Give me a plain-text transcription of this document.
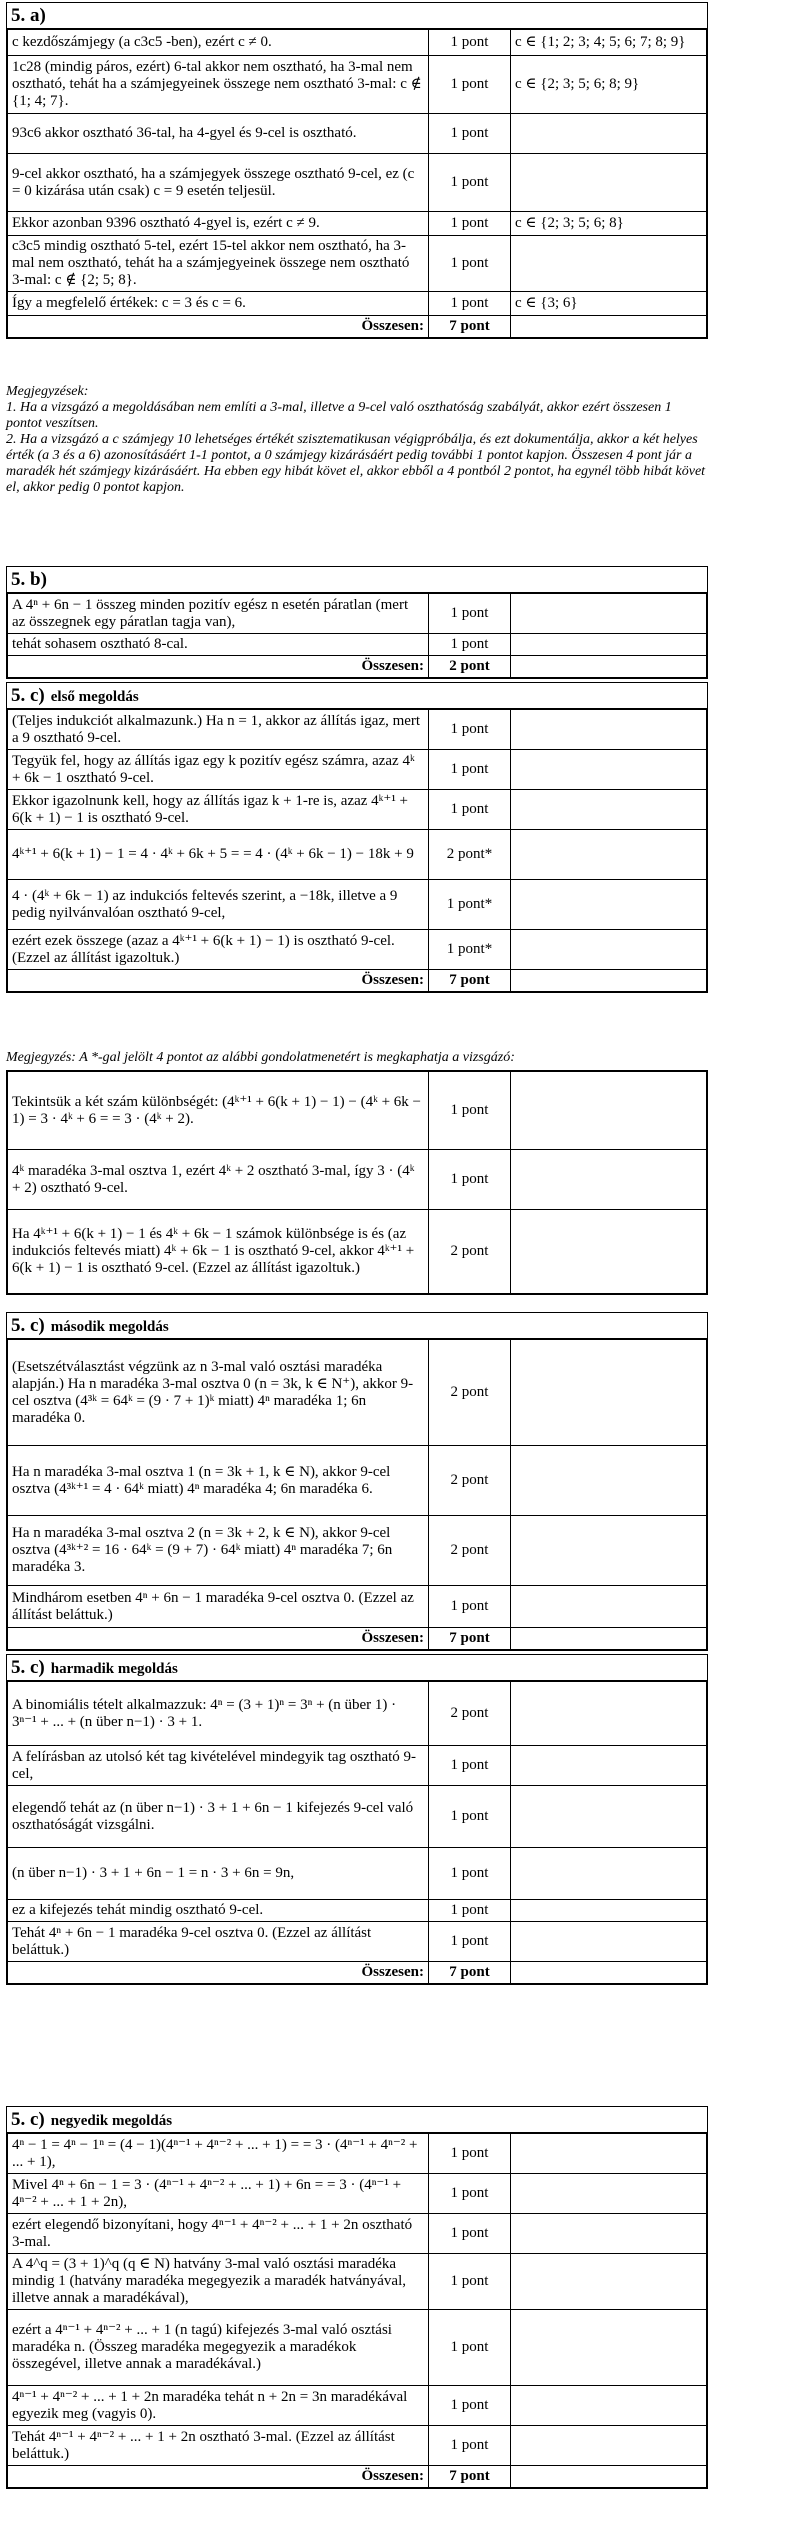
5. a)
c kezdőszámjegy (a c3c5 -ben), ezért c ≠ 0.	1 pont	c ∈ {1; 2; 3; 4; 5; 6; 7; 8; 9}
1c28 (mindig páros, ezért) 6-tal akkor nem osztható, ha 3-mal nem osztható, tehát ha a számjegyeinek összege nem osztható 3-mal: c ∉ {1; 4; 7}.	1 pont	c ∈ {2; 3; 5; 6; 8; 9}
93c6 akkor osztható 36-tal, ha 4-gyel és 9-cel is osztható.	1 pont	
9-cel akkor osztható, ha a számjegyek összege osztható 9-cel, ez (c = 0 kizárása után csak) c = 9 esetén teljesül.	1 pont	
Ekkor azonban 9396 osztható 4-gyel is, ezért c ≠ 9.	1 pont	c ∈ {2; 3; 5; 6; 8}
c3c5 mindig osztható 5-tel, ezért 15-tel akkor nem osztható, ha 3-mal nem osztható, tehát ha a számjegyeinek összege nem osztható 3-mal: c ∉ {2; 5; 8}.	1 pont	
Így a megfelelő értékek: c = 3 és c = 6.	1 pont	c ∈ {3; 6}
Összesen:	7 pont	
Megjegyzések:
1. Ha a vizsgázó a megoldásában nem említi a 3-mal, illetve a 9-cel való oszthatóság szabályát, akkor ezért összesen 1 pontot veszítsen.
2. Ha a vizsgázó a c számjegy 10 lehetséges értékét szisztematikusan végigpróbálja, és ezt dokumentálja, akkor a két helyes érték (a 3 és a 6) azonosításáért 1-1 pontot, a 0 számjegy kizárásáért pedig további 1 pontot kapjon. Összesen 4 pont jár a maradék hét számjegy kizárásáért. Ha ebben egy hibát követ el, akkor ebből a 4 pontból 2 pontot, ha egynél több hibát követ el, akkor pedig 0 pontot kapjon.
5. b)
A 4ⁿ + 6n − 1 összeg minden pozitív egész n esetén páratlan (mert az összegnek egy páratlan tagja van),	1 pont	
tehát sohasem osztható 8-cal.	1 pont	
Összesen:	2 pont	
5. c) első megoldás
(Teljes indukciót alkalmazunk.) Ha n = 1, akkor az állítás igaz, mert a 9 osztható 9-cel.	1 pont	
Tegyük fel, hogy az állítás igaz egy k pozitív egész számra, azaz 4ᵏ + 6k − 1 osztható 9-cel.	1 pont	
Ekkor igazolnunk kell, hogy az állítás igaz k + 1-re is, azaz 4ᵏ⁺¹ + 6(k + 1) − 1 is osztható 9-cel.	1 pont	
4ᵏ⁺¹ + 6(k + 1) − 1 = 4 · 4ᵏ + 6k + 5 = = 4 · (4ᵏ + 6k − 1) − 18k + 9	2 pont*	
4 · (4ᵏ + 6k − 1) az indukciós feltevés szerint, a −18k, illetve a 9 pedig nyilvánvalóan osztható 9-cel,	1 pont*	
ezért ezek összege (azaz a 4ᵏ⁺¹ + 6(k + 1) − 1) is osztható 9-cel. (Ezzel az állítást igazoltuk.)	1 pont*	
Összesen:	7 pont	
Megjegyzés: A *-gal jelölt 4 pontot az alábbi gondolatmenetért is megkaphatja a vizsgázó:
Tekintsük a két szám különbségét: (4ᵏ⁺¹ + 6(k + 1) − 1) − (4ᵏ + 6k − 1) = 3 · 4ᵏ + 6 = = 3 · (4ᵏ + 2).	1 pont	
4ᵏ maradéka 3-mal osztva 1, ezért 4ᵏ + 2 osztható 3-mal, így 3 · (4ᵏ + 2) osztható 9-cel.	1 pont	
Ha 4ᵏ⁺¹ + 6(k + 1) − 1 és 4ᵏ + 6k − 1 számok különbsége is és (az indukciós feltevés miatt) 4ᵏ + 6k − 1 is osztható 9-cel, akkor 4ᵏ⁺¹ + 6(k + 1) − 1 is osztható 9-cel. (Ezzel az állítást igazoltuk.)	2 pont	
5. c) második megoldás
(Esetszétválasztást végzünk az n 3-mal való osztási maradéka alapján.) Ha n maradéka 3-mal osztva 0 (n = 3k, k ∈ N⁺), akkor 9-cel osztva (4³ᵏ = 64ᵏ = (9 · 7 + 1)ᵏ miatt) 4ⁿ maradéka 1; 6n maradéka 0.	2 pont	
Ha n maradéka 3-mal osztva 1 (n = 3k + 1, k ∈ N), akkor 9-cel osztva (4³ᵏ⁺¹ = 4 · 64ᵏ miatt) 4ⁿ maradéka 4; 6n maradéka 6.	2 pont	
Ha n maradéka 3-mal osztva 2 (n = 3k + 2, k ∈ N), akkor 9-cel osztva (4³ᵏ⁺² = 16 · 64ᵏ = (9 + 7) · 64ᵏ miatt) 4ⁿ maradéka 7; 6n maradéka 3.	2 pont	
Mindhárom esetben 4ⁿ + 6n − 1 maradéka 9-cel osztva 0. (Ezzel az állítást beláttuk.)	1 pont	
Összesen:	7 pont	
5. c) harmadik megoldás
A binomiális tételt alkalmazzuk: 4ⁿ = (3 + 1)ⁿ = 3ⁿ + (n über 1) · 3ⁿ⁻¹ + ... + (n über n−1) · 3 + 1.	2 pont	
A felírásban az utolsó két tag kivételével mindegyik tag osztható 9-cel,	1 pont	
elegendő tehát az (n über n−1) · 3 + 1 + 6n − 1 kifejezés 9-cel való oszthatóságát vizsgálni.	1 pont	
(n über n−1) · 3 + 1 + 6n − 1 = n · 3 + 6n = 9n,	1 pont	
ez a kifejezés tehát mindig osztható 9-cel.	1 pont	
Tehát 4ⁿ + 6n − 1 maradéka 9-cel osztva 0. (Ezzel az állítást beláttuk.)	1 pont	
Összesen:	7 pont	
5. c) negyedik megoldás
4ⁿ − 1 = 4ⁿ − 1ⁿ = (4 − 1)(4ⁿ⁻¹ + 4ⁿ⁻² + ... + 1) = = 3 · (4ⁿ⁻¹ + 4ⁿ⁻² + ... + 1),	1 pont	
Mivel 4ⁿ + 6n − 1 = 3 · (4ⁿ⁻¹ + 4ⁿ⁻² + ... + 1) + 6n = = 3 · (4ⁿ⁻¹ + 4ⁿ⁻² + ... + 1 + 2n),	1 pont	
ezért elegendő bizonyítani, hogy 4ⁿ⁻¹ + 4ⁿ⁻² + ... + 1 + 2n osztható 3-mal.	1 pont	
A 4^q = (3 + 1)^q (q ∈ N) hatvány 3-mal való osztási maradéka mindig 1 (hatvány maradéka megegyezik a maradék hatványával, illetve annak a maradékával),	1 pont	
ezért a 4ⁿ⁻¹ + 4ⁿ⁻² + ... + 1 (n tagú) kifejezés 3-mal való osztási maradéka n. (Összeg maradéka megegyezik a maradékok összegével, illetve annak a maradékával.)	1 pont	
4ⁿ⁻¹ + 4ⁿ⁻² + ... + 1 + 2n maradéka tehát n + 2n = 3n maradékával egyezik meg (vagyis 0).	1 pont	
Tehát 4ⁿ⁻¹ + 4ⁿ⁻² + ... + 1 + 2n osztható 3-mal. (Ezzel az állítást beláttuk.)	1 pont	
Összesen:	7 pont	
